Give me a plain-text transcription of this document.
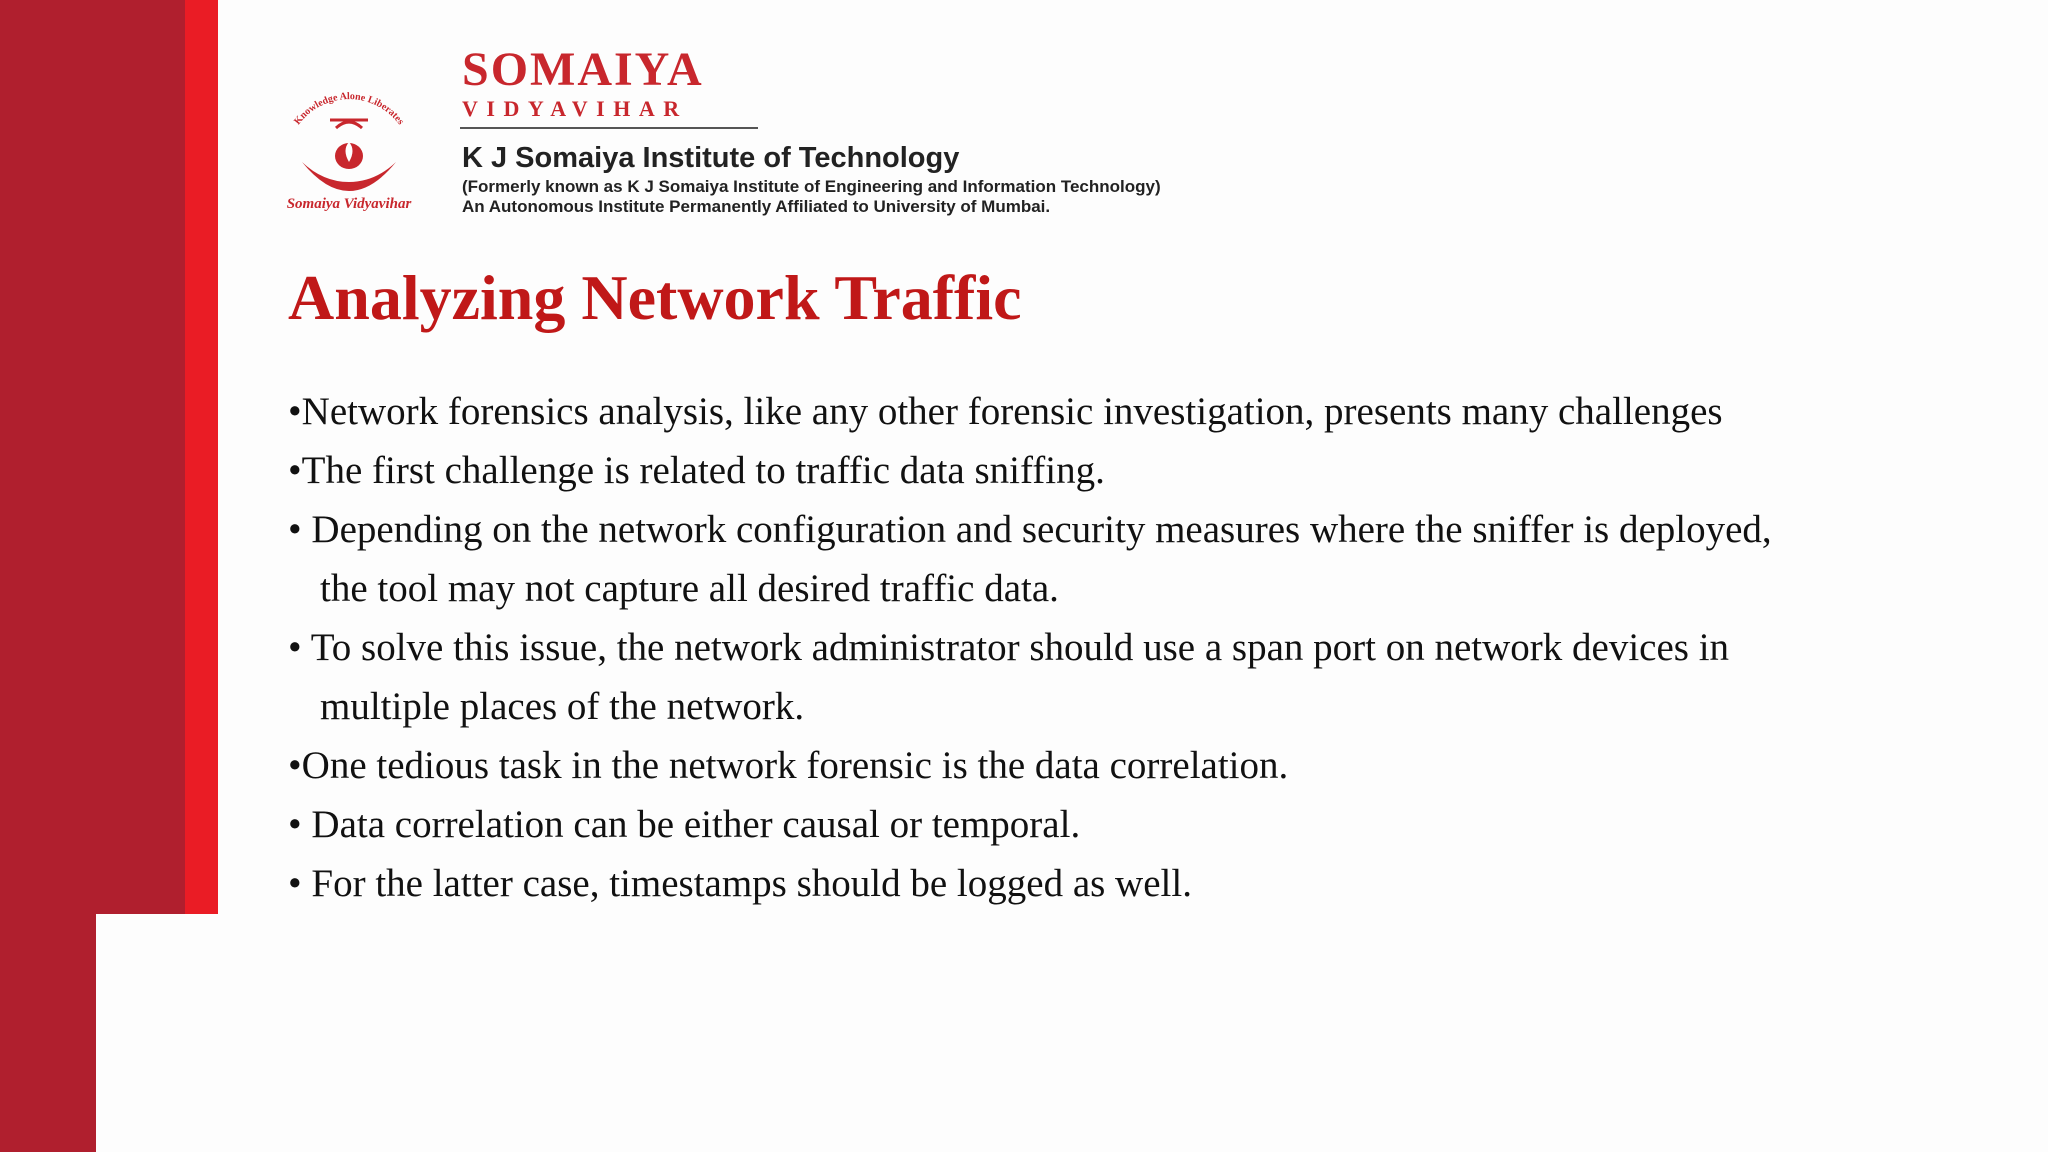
Knowledge Alone Liberates
Somaiya Vidyavihar

SOMAIYA

VIDYAVIHAR

K J Somaiya Institute of Technology

(Formerly known as K J Somaiya Institute of Engineering and Information Technology)

An Autonomous Institute Permanently Affiliated to University of Mumbai.

Analyzing Network Traffic
•Network forensics analysis, like any other forensic investigation, presents many challenges
•The first challenge is related to traffic data sniffing.
• Depending on the network configuration and security measures where the sniffer is deployed,
the tool may not capture all desired traffic data.
• To solve this issue, the network administrator should use a span port on network devices in
multiple places of the network.
•One tedious task in the network forensic is the data correlation.
• Data correlation can be either causal or temporal.
• For the latter case, timestamps should be logged as well.
